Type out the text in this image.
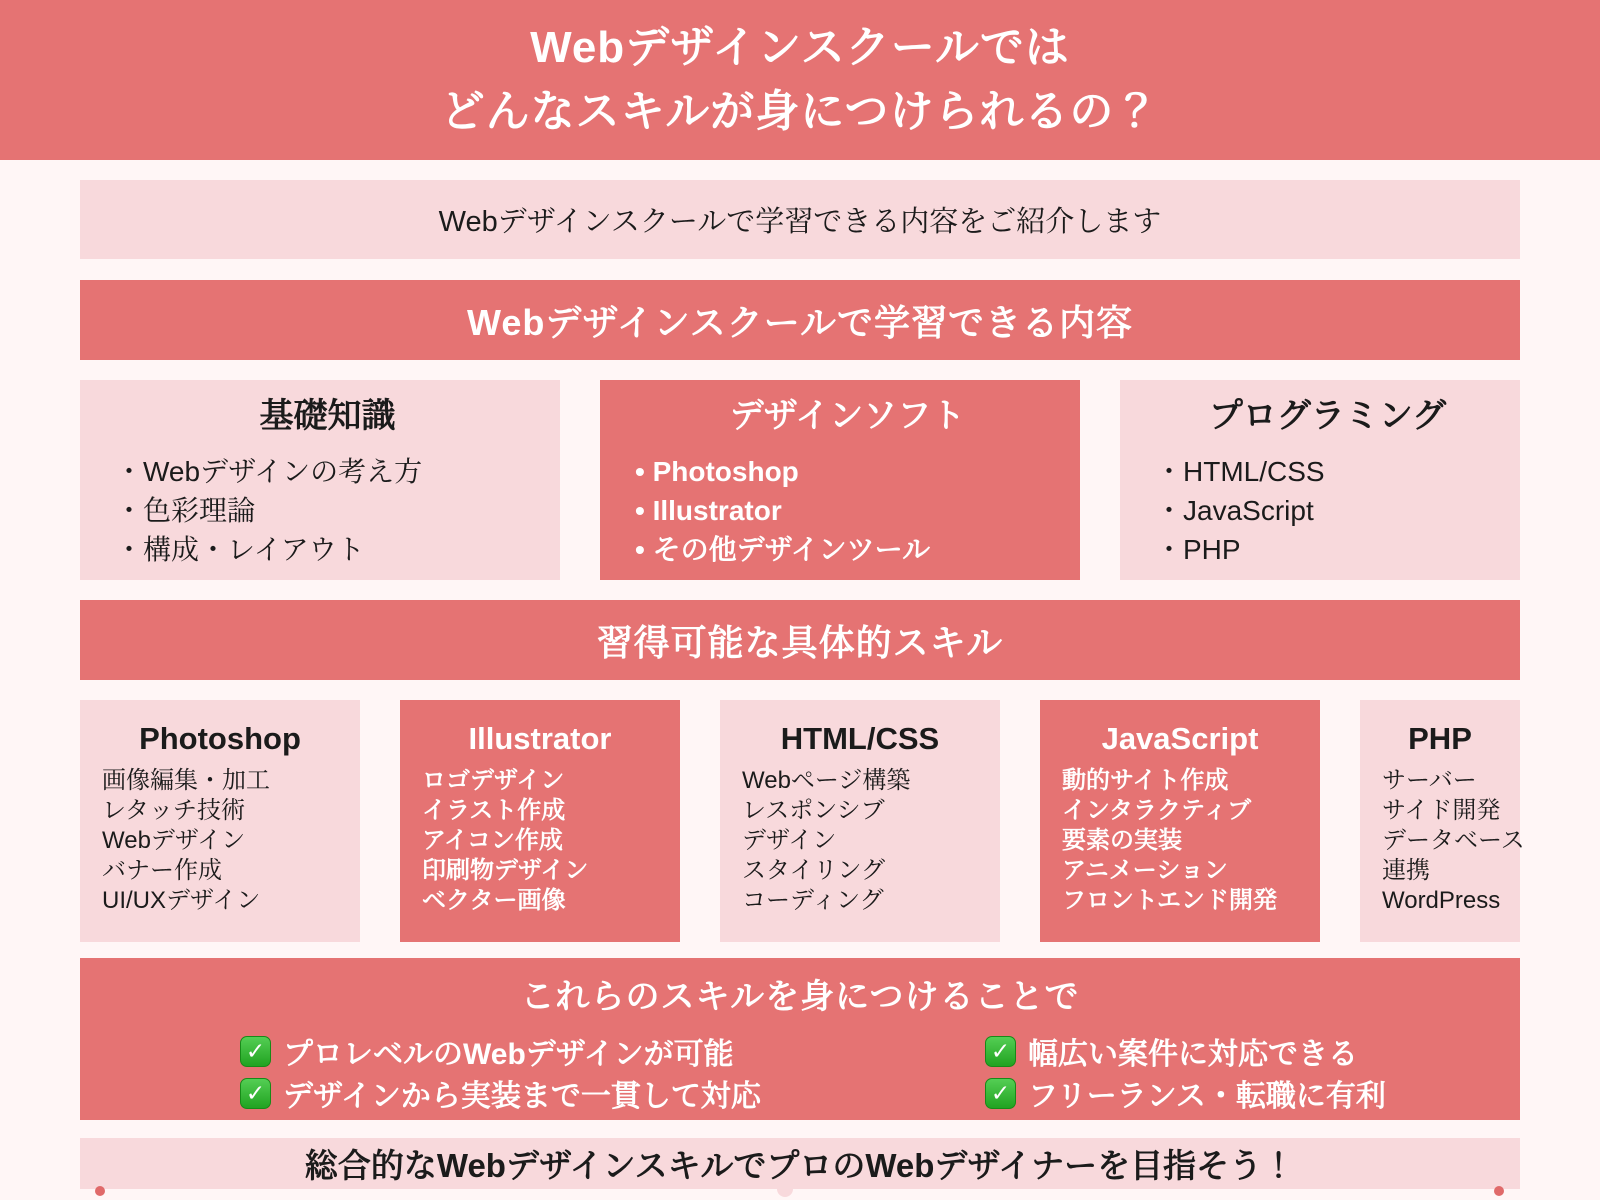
Webデザインスクールでは
どんなスキルが身につけられるの？
Webデザインスクールで学習できる内容をご紹介します
Webデザインスクールで学習できる内容
基礎知識
・Webデザインの考え方
・色彩理論
・構成・レイアウト
デザインソフト
• Photoshop
• Illustrator
• その他デザインツール
プログラミング
・HTML/CSS
・JavaScript
・PHP
習得可能な具体的スキル
Photoshop
画像編集・加工
レタッチ技術
Webデザイン
バナー作成
UI/UXデザイン
Illustrator
ロゴデザイン
イラスト作成
アイコン作成
印刷物デザイン
ベクター画像
HTML/CSS
Webページ構築
レスポンシブ
デザイン
スタイリング
コーディング
JavaScript
動的サイト作成
インタラクティブ
要素の実装
アニメーション
フロントエンド開発
PHP
サーバー
サイド開発
データベース
連携
WordPress
これらのスキルを身につけることで
✓ プロレベルのWebデザインが可能	✓ 幅広い案件に対応できる
✓ デザインから実装まで一貫して対応	✓ フリーランス・転職に有利
総合的なWebデザインスキルでプロのWebデザイナーを目指そう！
